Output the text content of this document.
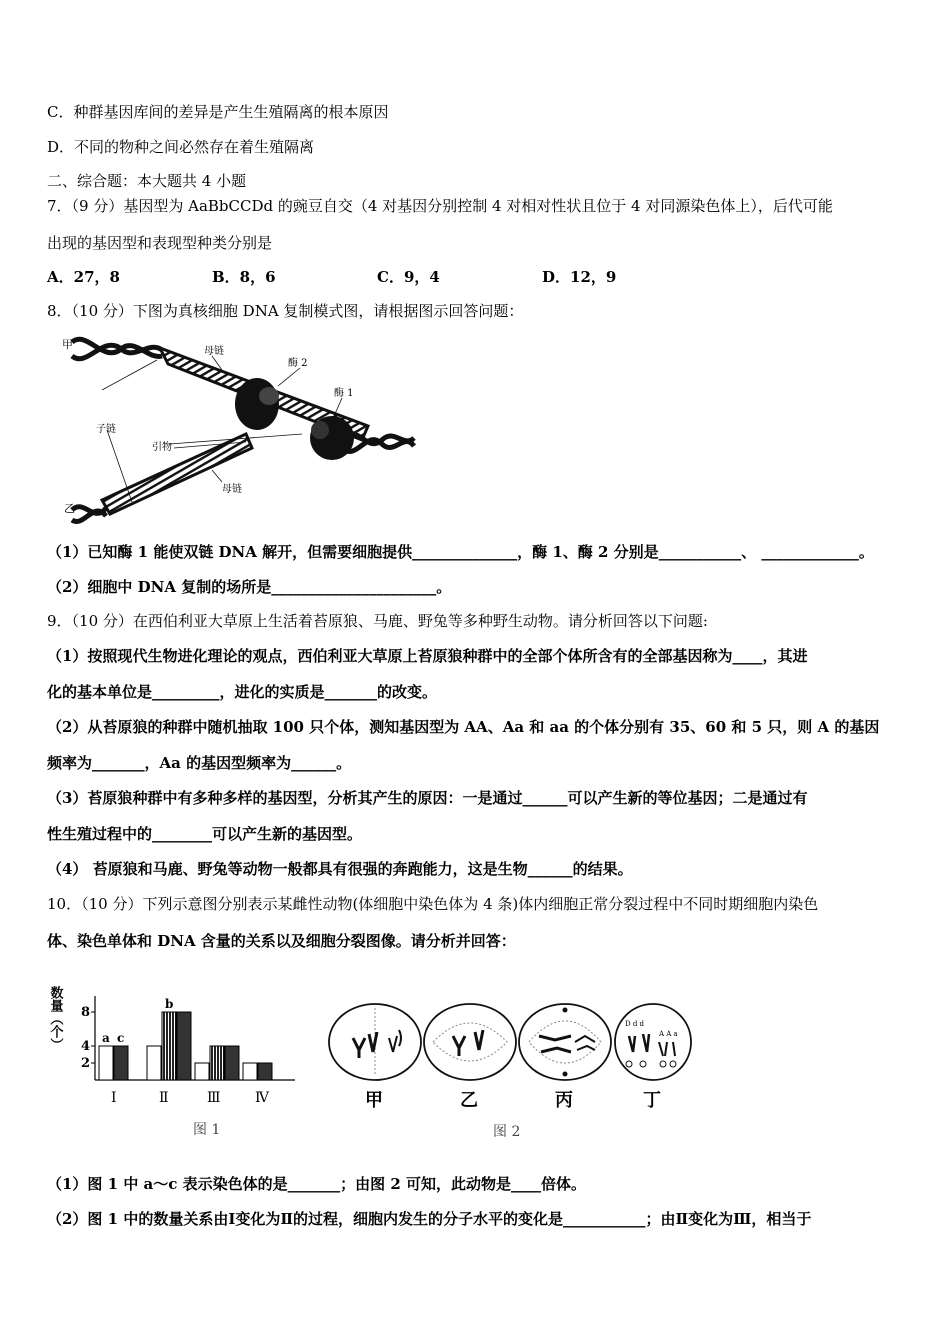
C．种群基因库间的差异是产生生殖隔离的根本原因
D．不同的物种之间必然存在着生殖隔离
二、综合题：本大题共 4 小题
7．（9 分）基因型为 AaBbCCDd 的豌豆自交（4 对基因分别控制 4 对相对性状且位于 4 对同源染色体上），后代可能
出现的基因型和表现型种类分别是
A．27，8	B．8，6	C．9，4	D．12，9
8．（10 分）下图为真核细胞 DNA 复制模式图，请根据图示回答问题：
甲
母链
酶 2
酶 1
子链
引物
母链
乙
（1）已知酶 1 能使双链 DNA 解开，但需要细胞提供______________，酶 1、酶 2 分别是___________、 _____________。
（2）细胞中 DNA 复制的场所是______________________。
9．（10 分）在西伯利亚大草原上生活着苔原狼、马鹿、野兔等多种野生动物。请分析回答以下问题:
（1）按照现代生物进化理论的观点，西伯利亚大草原上苔原狼种群中的全部个体所含有的全部基因称为____，其进
化的基本单位是_________，进化的实质是_______的改变。
（2）从苔原狼的种群中随机抽取 100 只个体，测知基因型为 AA、Aa 和 aa 的个体分别有 35、60 和 5 只，则 A 的基因
频率为_______，Aa 的基因型频率为______。
（3）苔原狼种群中有多种多样的基因型，分析其产生的原因：一是通过______可以产生新的等位基因；二是通过有
性生殖过程中的________可以产生新的基因型。
（4） 苔原狼和马鹿、野兔等动物一般都具有很强的奔跑能力，这是生物______的结果。
10．（10 分）下列示意图分别表示某雌性动物(体细胞中染色体为 4 条)体内细胞正常分裂过程中不同时期细胞内染色
体、染色单体和 DNA 含量的关系以及细胞分裂图像。请分析并回答：
数量（个）
2
4
8
a c
b
Ⅰ	Ⅱ	Ⅲ Ⅳ
图 1
D d d
A A a
甲	乙	丙	丁
图 2
（1）图 1 中 a～c 表示染色体的是_______；由图 2 可知，此动物是____倍体。
（2）图 1 中的数量关系由Ⅰ变化为Ⅱ的过程，细胞内发生的分子水平的变化是___________；由Ⅱ变化为Ⅲ，相当于
